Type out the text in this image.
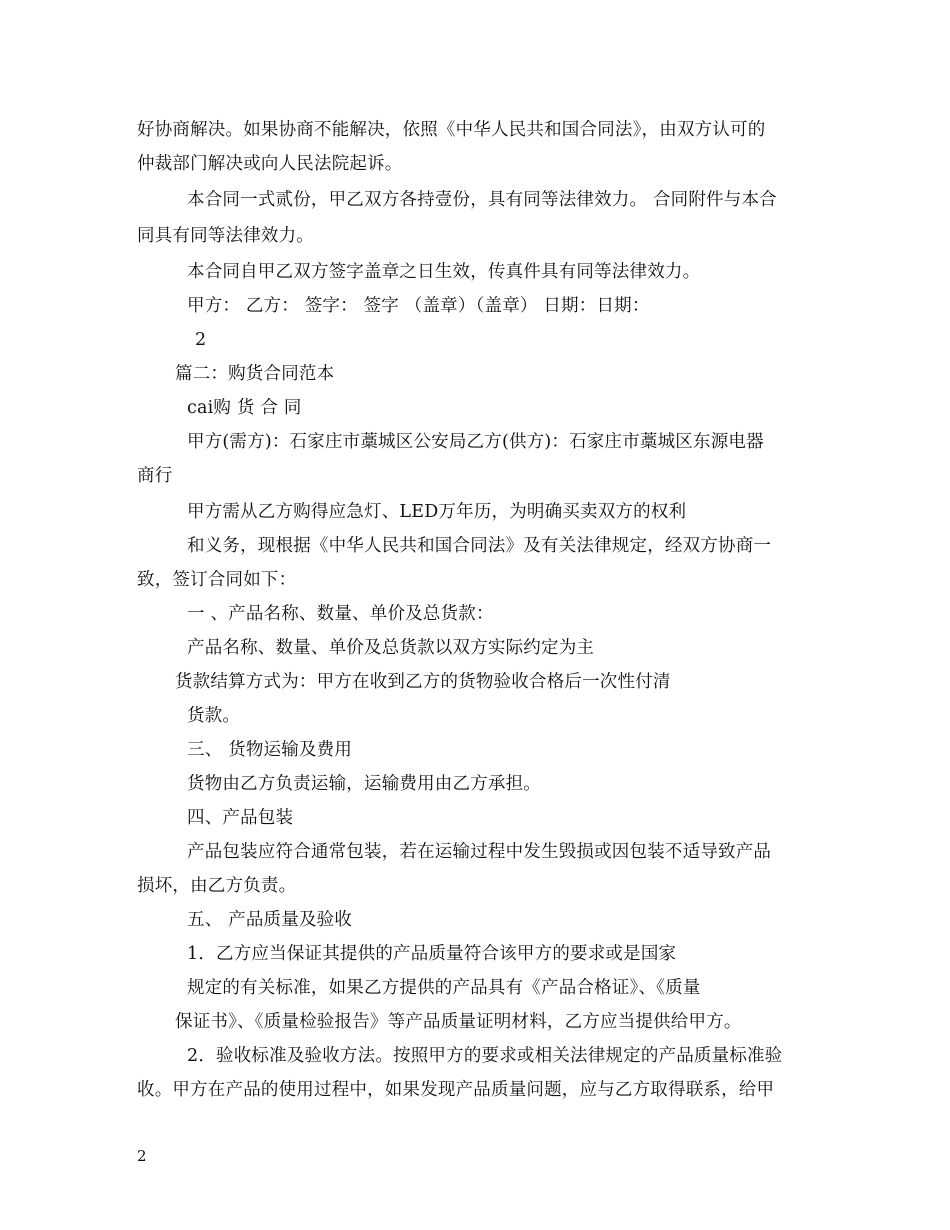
好协商解决。如果协商不能解决，依照《中华人民共和国合同法》，由双方认可的
仲裁部门解决或向人民法院起诉。
本合同一式贰份，甲乙双方各持壹份，具有同等法律效力。 合同附件与本合
同具有同等法律效力。
本合同自甲乙双方签字盖章之日生效，传真件具有同等法律效力。
甲方： 乙方： 签字： 签字 （盖章）（盖章） 日期：日期：
2
篇二：购货合同范本
cai购 货 合 同
甲方(需方)：石家庄市藁城区公安局乙方(供方)：石家庄市藁城区东源电器
商行
甲方需从乙方购得应急灯、LED万年历，为明确买卖双方的权利
和义务，现根据《中华人民共和国合同法》及有关法律规定，经双方协商一
致，签订合同如下：
一 、产品名称、数量、单价及总货款：
产品名称、数量、单价及总货款以双方实际约定为主
货款结算方式为：甲方在收到乙方的货物验收合格后一次性付清
货款。
三、 货物运输及费用
货物由乙方负责运输，运输费用由乙方承担。
四、产品包装
产品包装应符合通常包装，若在运输过程中发生毁损或因包装不适导致产品
损坏，由乙方负责。
五、 产品质量及验收
1．乙方应当保证其提供的产品质量符合该甲方的要求或是国家
规定的有关标准，如果乙方提供的产品具有《产品合格证》、《质量
保证书》、《质量检验报告》等产品质量证明材料，乙方应当提供给甲方。
2．验收标准及验收方法。按照甲方的要求或相关法律规定的产品质量标准验
收。甲方在产品的使用过程中，如果发现产品质量问题，应与乙方取得联系，给甲
2
